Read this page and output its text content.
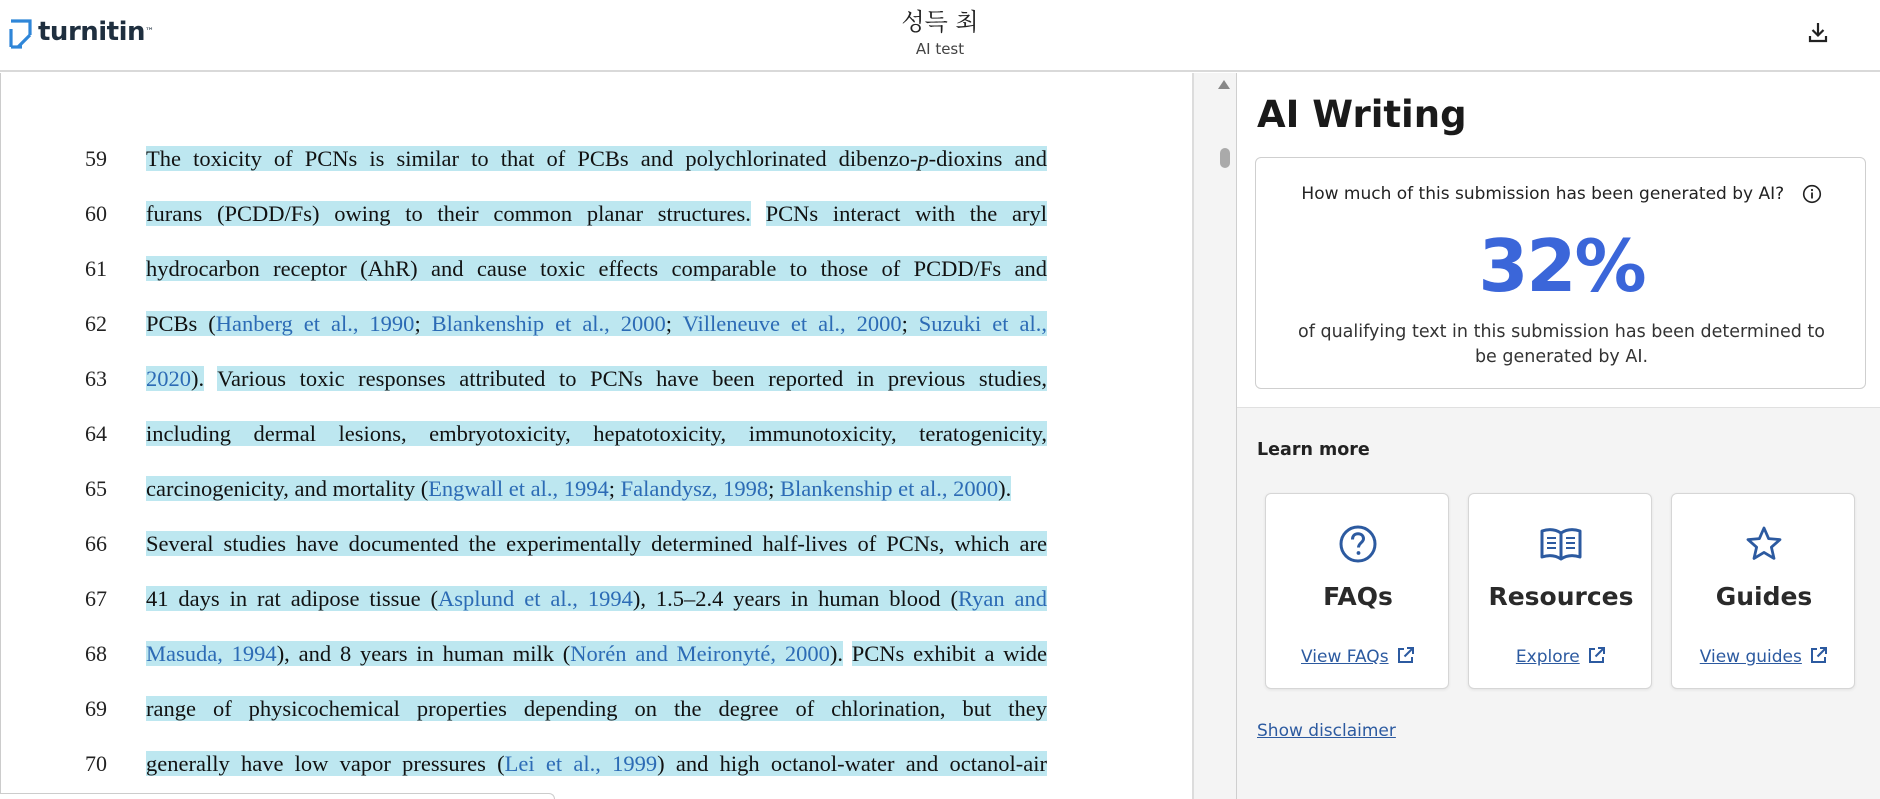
turnitin ™	성득 최
AI test
59	The toxicity of PCNs is similar to that of PCBs and polychlorinated dibenzo-p-dioxins and
60	furans (PCDD/Fs) owing to their common planar structures. PCNs interact with the aryl
61	hydrocarbon receptor (AhR) and cause toxic effects comparable to those of PCDD/Fs and
62	PCBs (Hanberg et al., 1990; Blankenship et al., 2000; Villeneuve et al., 2000; Suzuki et al.,
63	2020). Various toxic responses attributed to PCNs have been reported in previous studies,
64	including dermal lesions, embryotoxicity, hepatotoxicity, immunotoxicity, teratogenicity,
65	carcinogenicity, and mortality (Engwall et al., 1994; Falandysz, 1998; Blankenship et al., 2000).
66	Several studies have documented the experimentally determined half-lives of PCNs, which are
67	41 days in rat adipose tissue (Asplund et al., 1994), 1.5–2.4 years in human blood (Ryan and
68	Masuda, 1994), and 8 years in human milk (Norén and Meironyté, 2000). PCNs exhibit a wide
69	range of physicochemical properties depending on the degree of chlorination, but they
70	generally have low vapor pressures (Lei et al., 1999) and high octanol-water and octanol-air
AI Writing
How much of this submission has been generated by AI?
32%
of qualifying text in this submission has been determined to be generated by AI.
Learn more
FAQs
View FAQs
Resources
Explore
Guides
View guides
Show disclaimer
